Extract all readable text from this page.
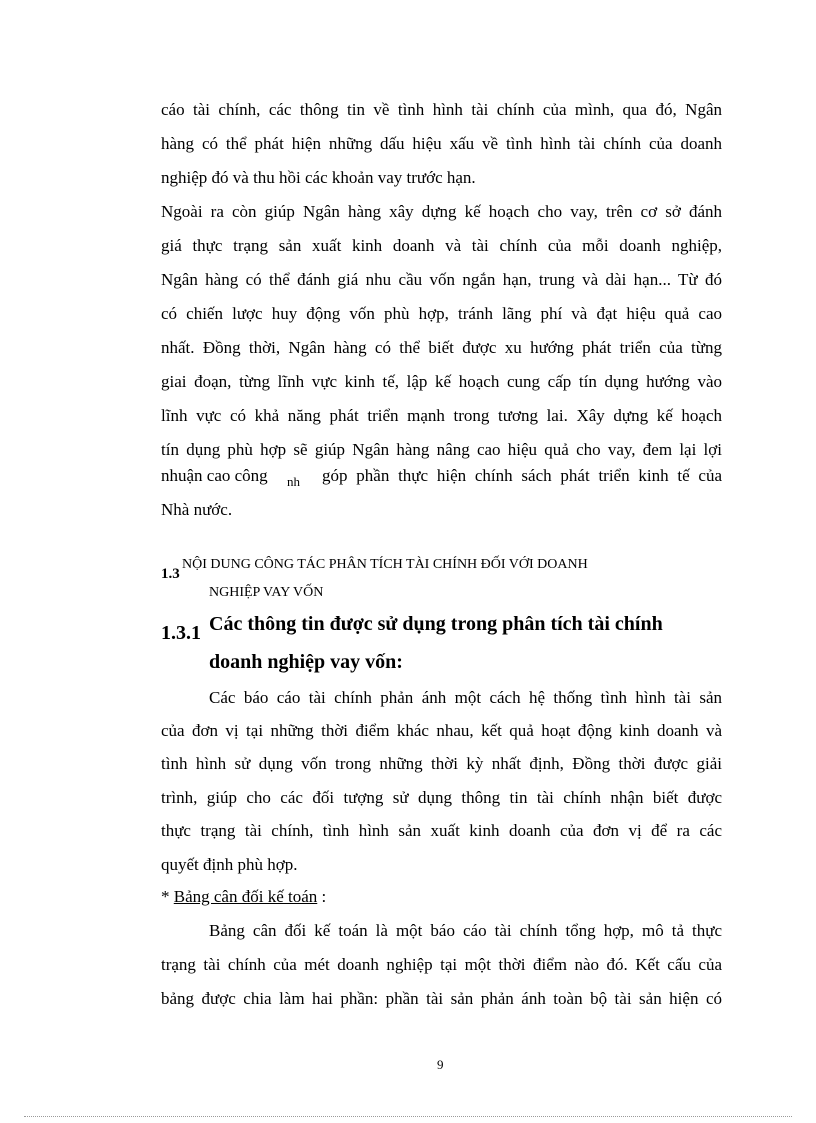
cáo tài chính, các thông tin về tình hình tài chính của mình, qua đó, Ngân
hàng có thể phát hiện những dấu hiệu xấu về tình hình tài chính của doanh
nghiệp đó và thu hồi các khoản vay trước hạn.
Ngoài ra còn giúp Ngân hàng xây dựng kế hoạch cho vay, trên cơ sở đánh
giá thực trạng sản xuất kinh doanh và tài chính của mỗi doanh nghiệp,
Ngân hàng có thể đánh giá nhu cầu vốn ngắn hạn, trung và dài hạn... Từ đó
có chiến lược huy động vốn phù hợp, tránh lãng phí và đạt hiệu quả cao
nhất. Đồng thời, Ngân hàng có thể biết được xu hướng phát triển của từng
giai đoạn, từng lĩnh vực kinh tế, lập kế hoạch cung cấp tín dụng hướng vào
lĩnh vực có khả năng phát triển mạnh trong tương lai. Xây dựng kế hoạch
tín dụng phù hợp sẽ giúp Ngân hàng nâng cao hiệu quả cho vay, đem lại lợi
nhuận cao công nh góp phần thực hiện chính sách phát triển kinh tế của
Nhà nước.
1.3
NỘI DUNG CÔNG TÁC PHÂN TÍCH TÀI CHÍNH ĐỐI VỚI DOANH
NGHIỆP VAY VỐN
1.3.1 Các thông tin được sử dụng trong phân tích tài chính
doanh nghiệp vay vốn:
Các báo cáo tài chính phản ánh một cách hệ thống tình hình tài sản
của đơn vị tại những thời điểm khác nhau, kết quả hoạt động kinh doanh và
tình hình sử dụng vốn trong những thời kỳ nhất định, Đồng thời được giải
trình, giúp cho các đối tượng sử dụng thông tin tài chính nhận biết được
thực trạng tài chính, tình hình sản xuất kinh doanh của đơn vị để ra các
quyết định phù hợp.
* Bảng cân đối kế toán :
Bảng cân đối kế toán là một báo cáo tài chính tổng hợp, mô tả thực
trạng tài chính của mét doanh nghiệp tại một thời điểm nào đó. Kết cấu của
bảng được chia làm hai phần: phần tài sản phản ánh toàn bộ tài sản hiện có
9
